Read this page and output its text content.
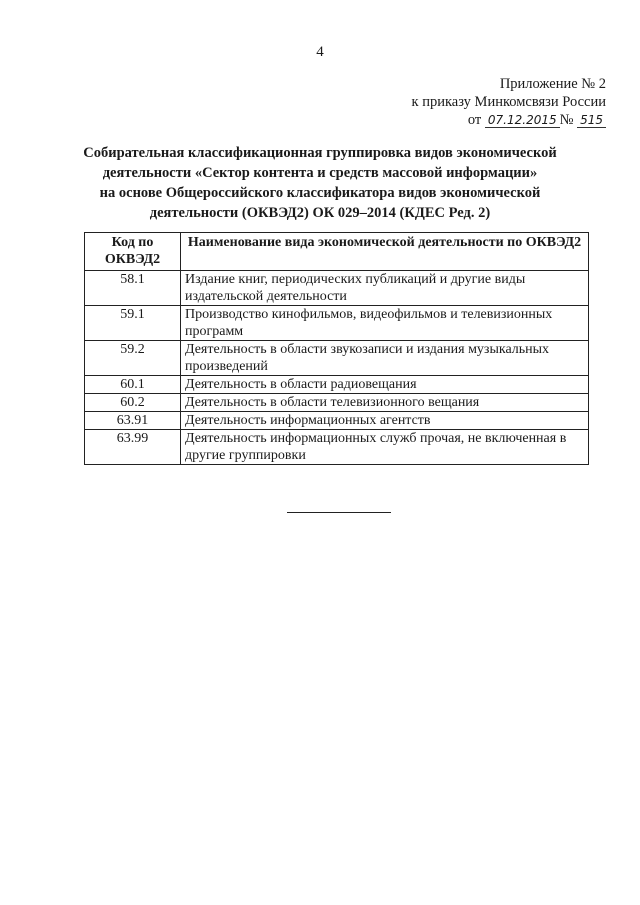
4
Приложение № 2
к приказу Минкомсвязи России
от 07.12.2015 № 515
Собирательная классификационная группировка видов экономической
деятельности «Сектор контента и средств массовой информации»
на основе Общероссийского классификатора видов экономической
деятельности (ОКВЭД2) ОК 029–2014 (КДЕС Ред. 2)
Код по ОКВЭД2	Наименование вида экономической деятельности по ОКВЭД2
58.1	Издание книг, периодических публикаций и другие виды издательской деятельности
59.1	Производство кинофильмов, видеофильмов и телевизионных программ
59.2	Деятельность в области звукозаписи и издания музыкальных произведений
60.1	Деятельность в области радиовещания
60.2	Деятельность в области телевизионного вещания
63.91	Деятельность информационных агентств
63.99	Деятельность информационных служб прочая, не включенная в другие группировки
